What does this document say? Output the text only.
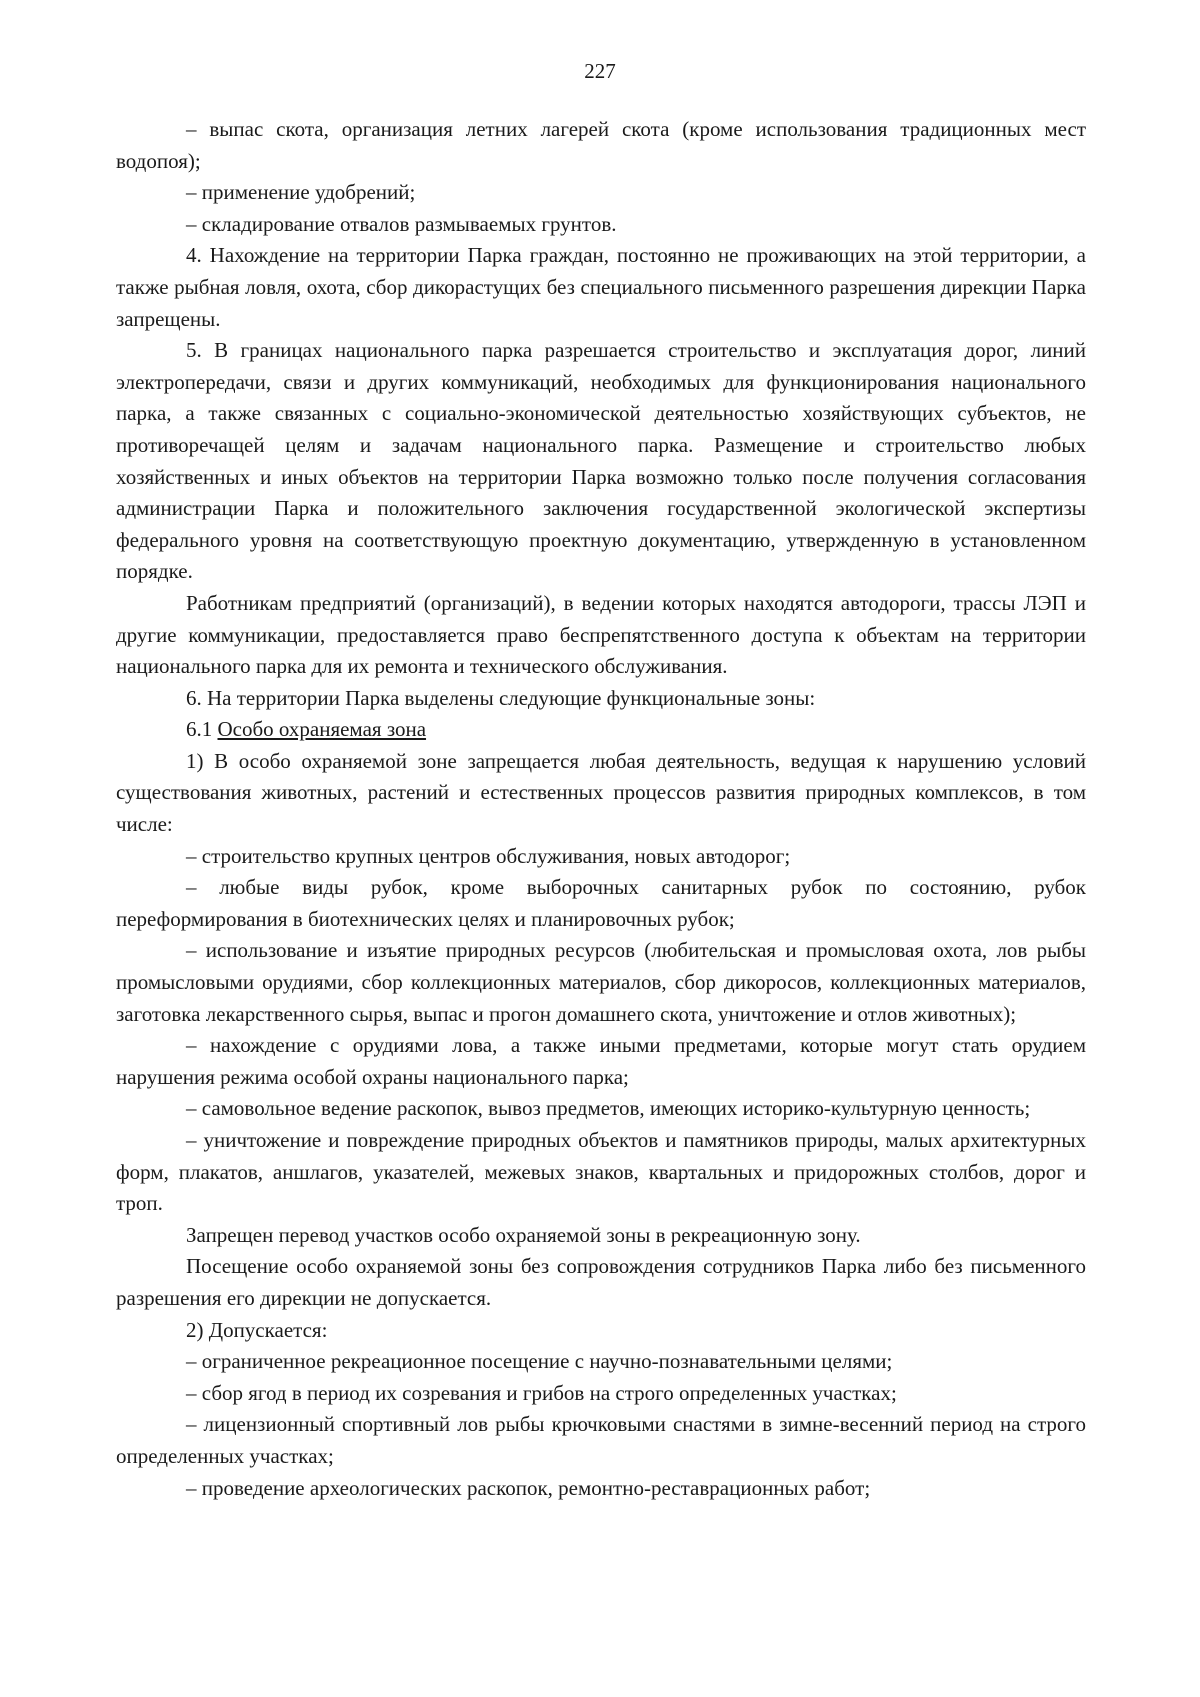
227

– выпас скота, организация летних лагерей скота (кроме использования традиционных мест водопоя);

– применение удобрений;

– складирование отвалов размываемых грунтов.

4. Нахождение на территории Парка граждан, постоянно не проживающих на этой территории, а также рыбная ловля, охота, сбор дикорастущих без специального письменного разрешения дирекции Парка запрещены.

5. В границах национального парка разрешается строительство и эксплуатация дорог, линий электропередачи, связи и других коммуникаций, необходимых для функционирования национального парка, а также связанных с социально-экономической деятельностью хозяйствующих субъектов, не противоречащей целям и задачам национального парка. Размещение и строительство любых хозяйственных и иных объектов на территории Парка возможно только после получения согласования администрации Парка и положительного заключения государственной экологической экспертизы федерального уровня на соответствующую проектную документацию, утвержденную в установленном порядке.

Работникам предприятий (организаций), в ведении которых находятся автодороги, трассы ЛЭП и другие коммуникации, предоставляется право беспрепятственного доступа к объектам на территории национального парка для их ремонта и технического обслуживания.

6. На территории Парка выделены следующие функциональные зоны:

6.1 Особо охраняемая зона

1) В особо охраняемой зоне запрещается любая деятельность, ведущая к нарушению условий существования животных, растений и естественных процессов развития природных комплексов, в том числе:

– строительство крупных центров обслуживания, новых автодорог;

– любые виды рубок, кроме выборочных санитарных рубок по состоянию, рубок переформирования в биотехнических целях и планировочных рубок;

– использование и изъятие природных ресурсов (любительская и промысловая охота, лов рыбы промысловыми орудиями, сбор коллекционных материалов, сбор дикоросов, коллекционных материалов, заготовка лекарственного сырья, выпас и прогон домашнего скота, уничтожение и отлов животных);

– нахождение с орудиями лова, а также иными предметами, которые могут стать орудием нарушения режима особой охраны национального парка;

– самовольное ведение раскопок, вывоз предметов, имеющих историко-культурную ценность;

– уничтожение и повреждение природных объектов и памятников природы, малых архитектурных форм, плакатов, аншлагов, указателей, межевых знаков, квартальных и придорожных столбов, дорог и троп.

Запрещен перевод участков особо охраняемой зоны в рекреационную зону.

Посещение особо охраняемой зоны без сопровождения сотрудников Парка либо без письменного разрешения его дирекции не допускается.

2) Допускается:

– ограниченное рекреационное посещение с научно-познавательными целями;

– сбор ягод в период их созревания и грибов на строго определенных участках;

– лицензионный спортивный лов рыбы крючковыми снастями в зимне-весенний период на строго определенных участках;

– проведение археологических раскопок, ремонтно-реставрационных работ;
